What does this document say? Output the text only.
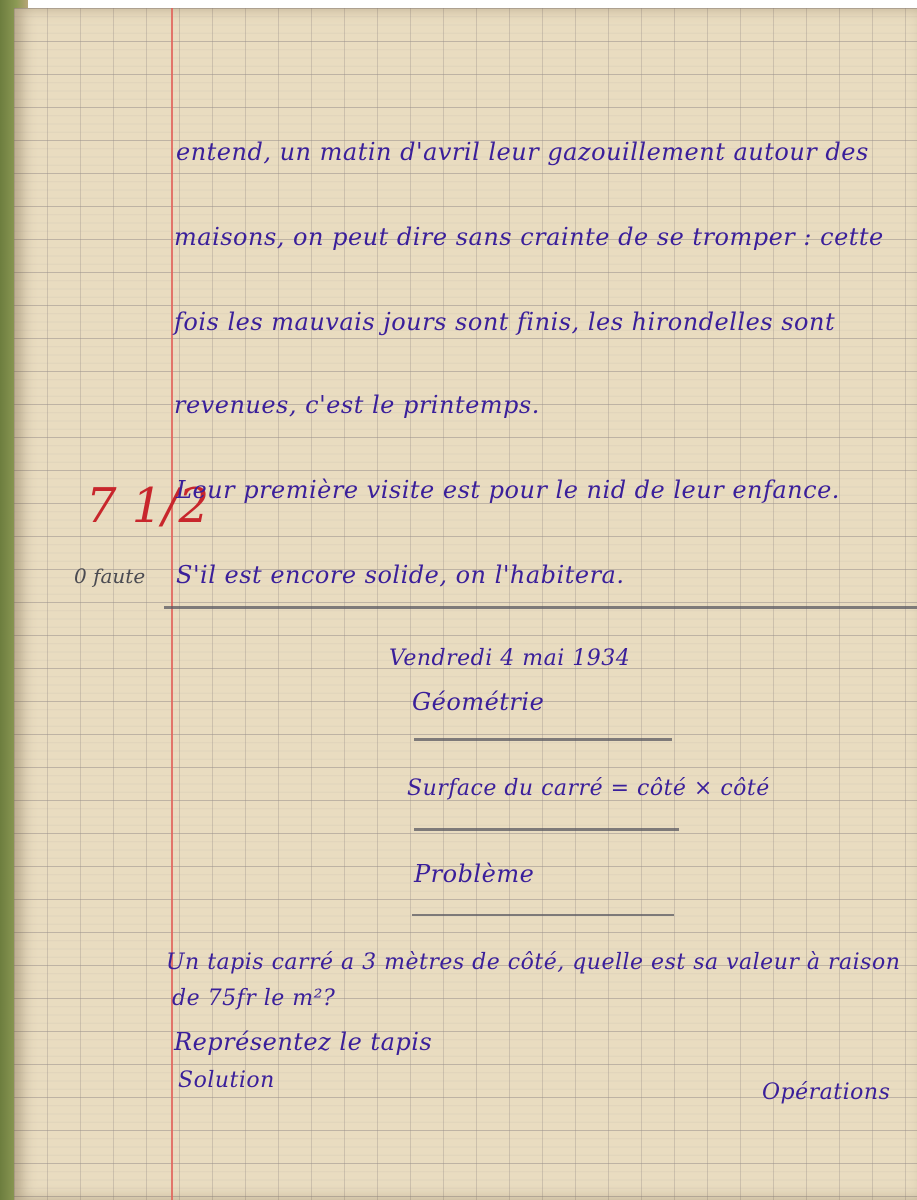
entend, un matin d'avril leur gazouillement autour des
maisons, on peut dire sans crainte de se tromper : cette
fois les mauvais jours sont finis, les hirondelles sont
revenues, c'est le printemps.
7 1/2
0 faute
Leur première visite est pour le nid de leur enfance.
S'il est encore solide, on l'habitera.
Vendredi 4 mai 1934
Géométrie
Surface du carré = côté × côté
Problème
Un tapis carré a 3 mètres de côté, quelle est sa valeur à raison
de 75fr le m²?
Représentez le tapis
Solution	Opérations
